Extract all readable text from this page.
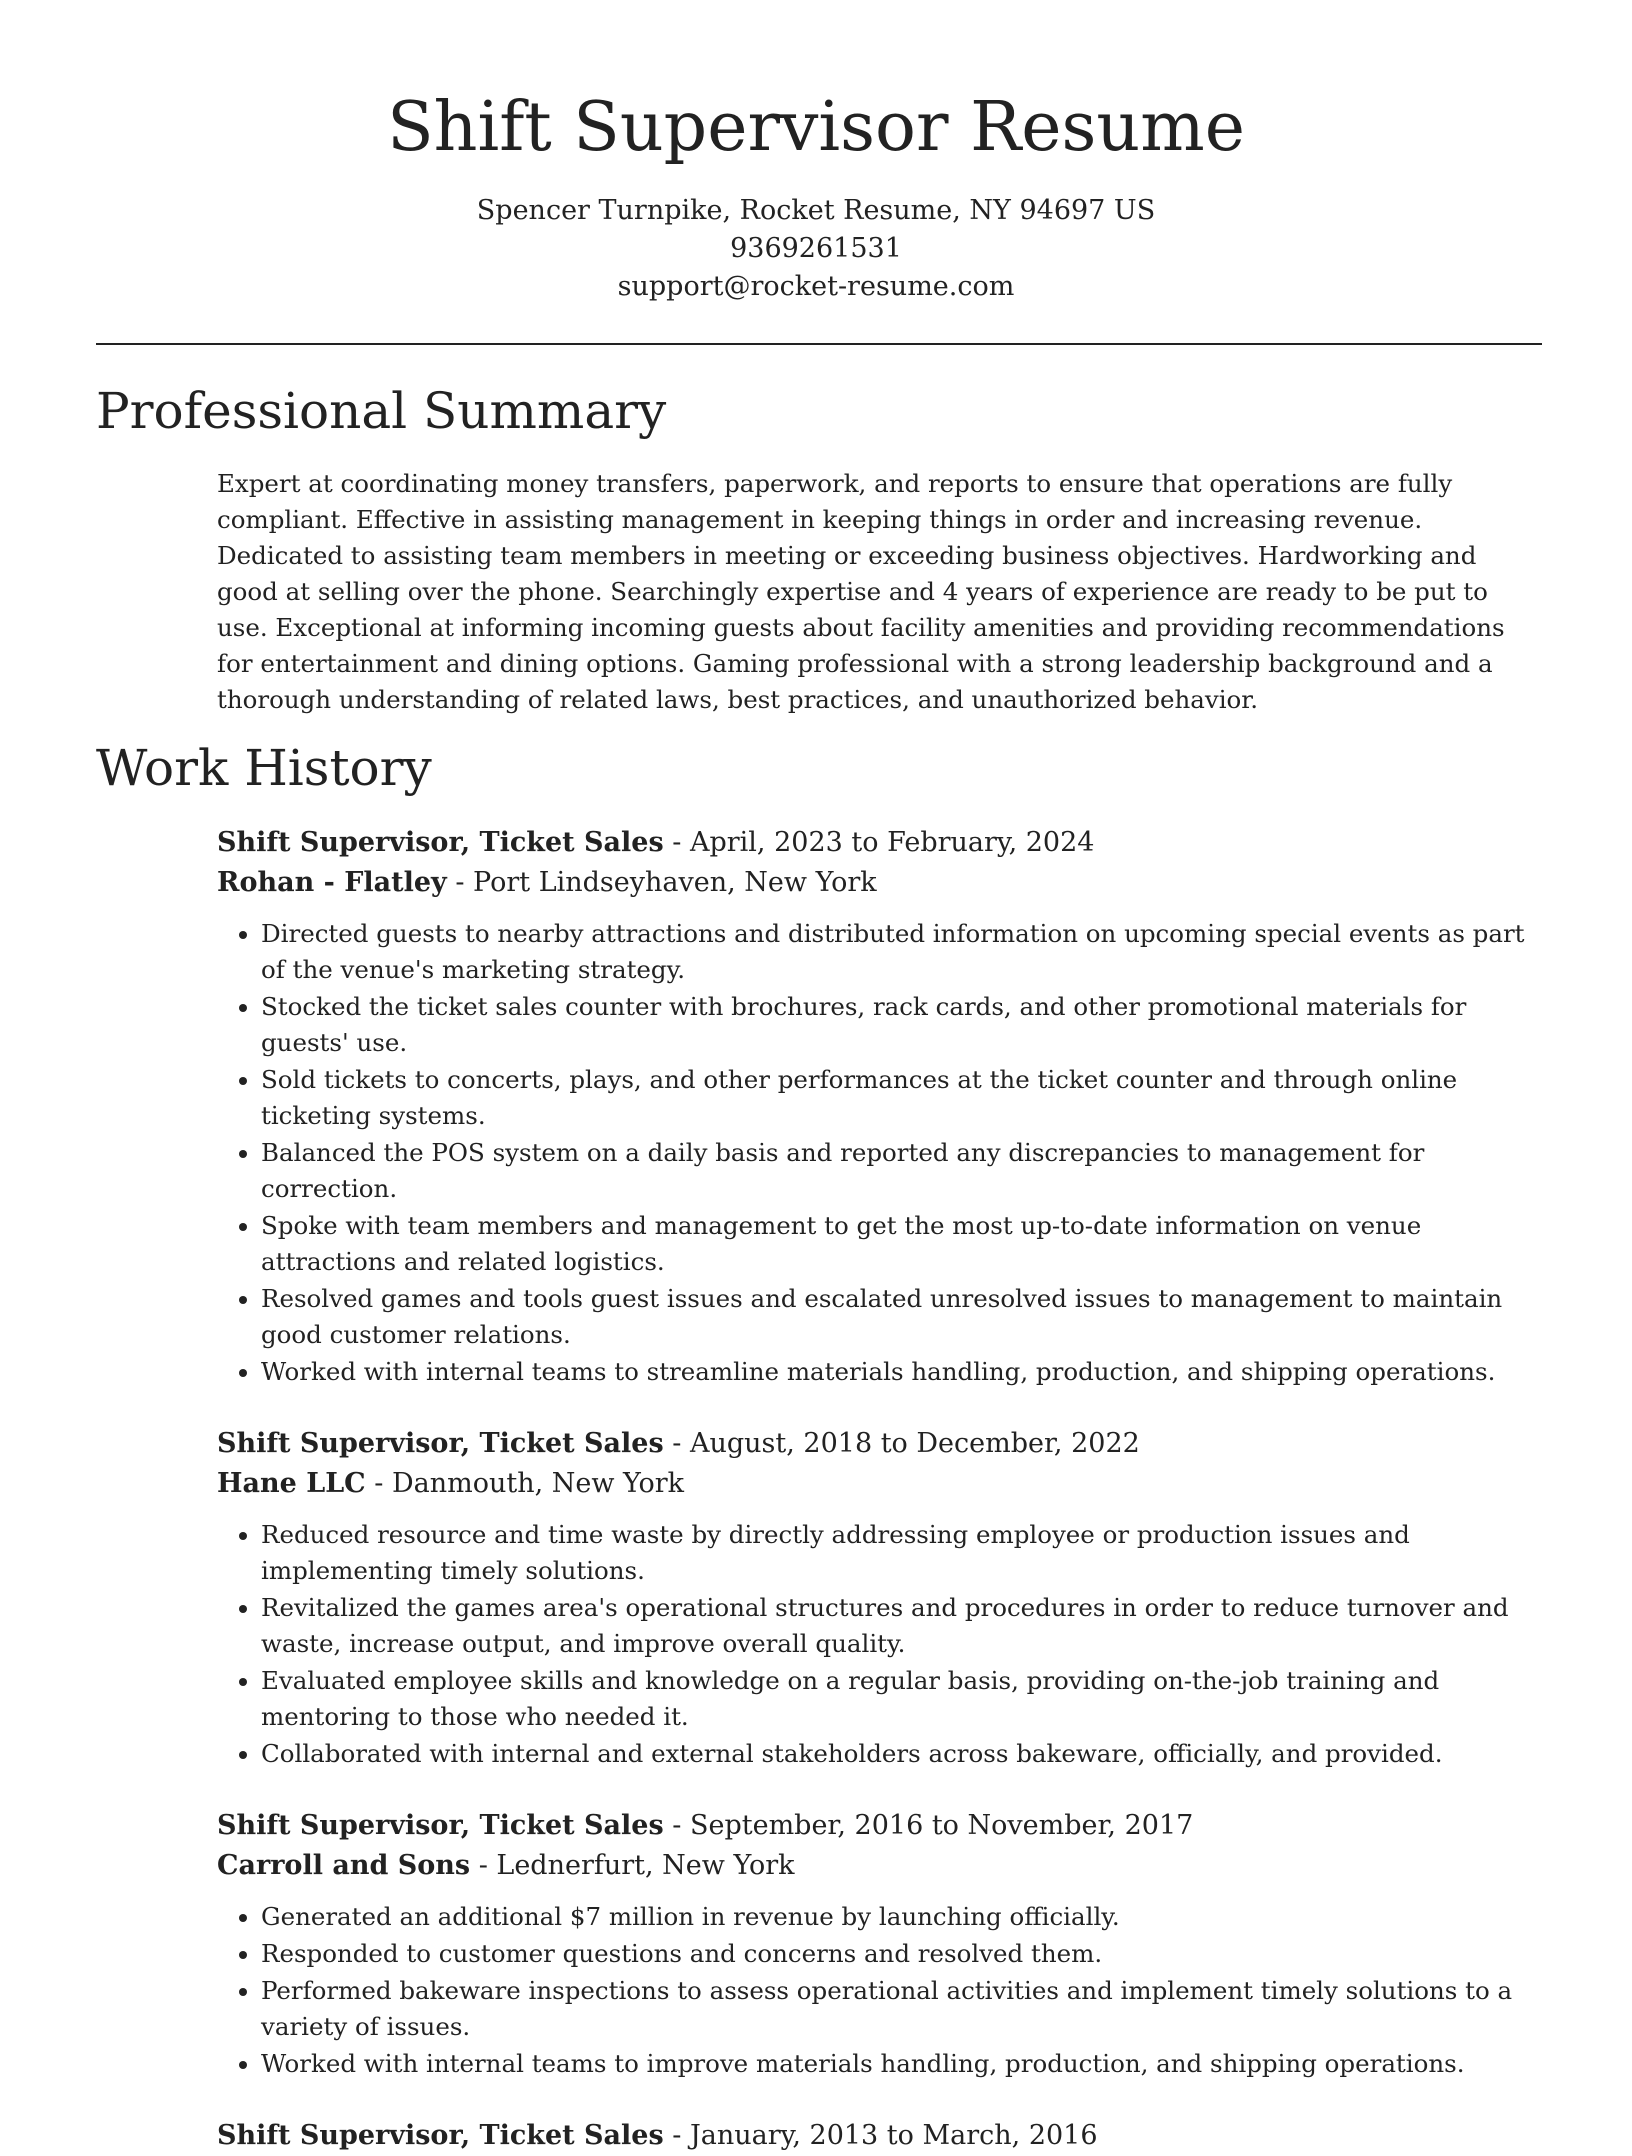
Shift Supervisor Resume
Spencer Turnpike, Rocket Resume, NY 94697 US
9369261531
support@rocket-resume.com
Professional Summary

Expert at coordinating money transfers, paperwork, and reports to ensure that operations are fully compliant. Effective in assisting management in keeping things in order and increasing revenue. Dedicated to assisting team members in meeting or exceeding business objectives. Hardworking and good at selling over the phone. Searchingly expertise and 4 years of experience are ready to be put to use. Exceptional at informing incoming guests about facility amenities and providing recommendations for entertainment and dining options. Gaming professional with a strong leadership background and a thorough understanding of related laws, best practices, and unauthorized behavior.

Work History
Shift Supervisor, Ticket Sales - April, 2023 to February, 2024
Rohan - Flatley - Port Lindseyhaven, New York
• Directed guests to nearby attractions and distributed information on upcoming special events as part of the venue's marketing strategy.
• Stocked the ticket sales counter with brochures, rack cards, and other promotional materials for guests' use.
• Sold tickets to concerts, plays, and other performances at the ticket counter and through online ticketing systems.
• Balanced the POS system on a daily basis and reported any discrepancies to management for correction.
• Spoke with team members and management to get the most up-to-date information on venue attractions and related logistics.
• Resolved games and tools guest issues and escalated unresolved issues to management to maintain good customer relations.
• Worked with internal teams to streamline materials handling, production, and shipping operations.
Shift Supervisor, Ticket Sales - August, 2018 to December, 2022
Hane LLC - Danmouth, New York
• Reduced resource and time waste by directly addressing employee or production issues and implementing timely solutions.
• Revitalized the games area's operational structures and procedures in order to reduce turnover and waste, increase output, and improve overall quality.
• Evaluated employee skills and knowledge on a regular basis, providing on-the-job training and mentoring to those who needed it.
• Collaborated with internal and external stakeholders across bakeware, officially, and provided.
Shift Supervisor, Ticket Sales - September, 2016 to November, 2017
Carroll and Sons - Lednerfurt, New York
• Generated an additional $7 million in revenue by launching officially.
• Responded to customer questions and concerns and resolved them.
• Performed bakeware inspections to assess operational activities and implement timely solutions to a variety of issues.
• Worked with internal teams to improve materials handling, production, and shipping operations.
Shift Supervisor, Ticket Sales - January, 2013 to March, 2016
